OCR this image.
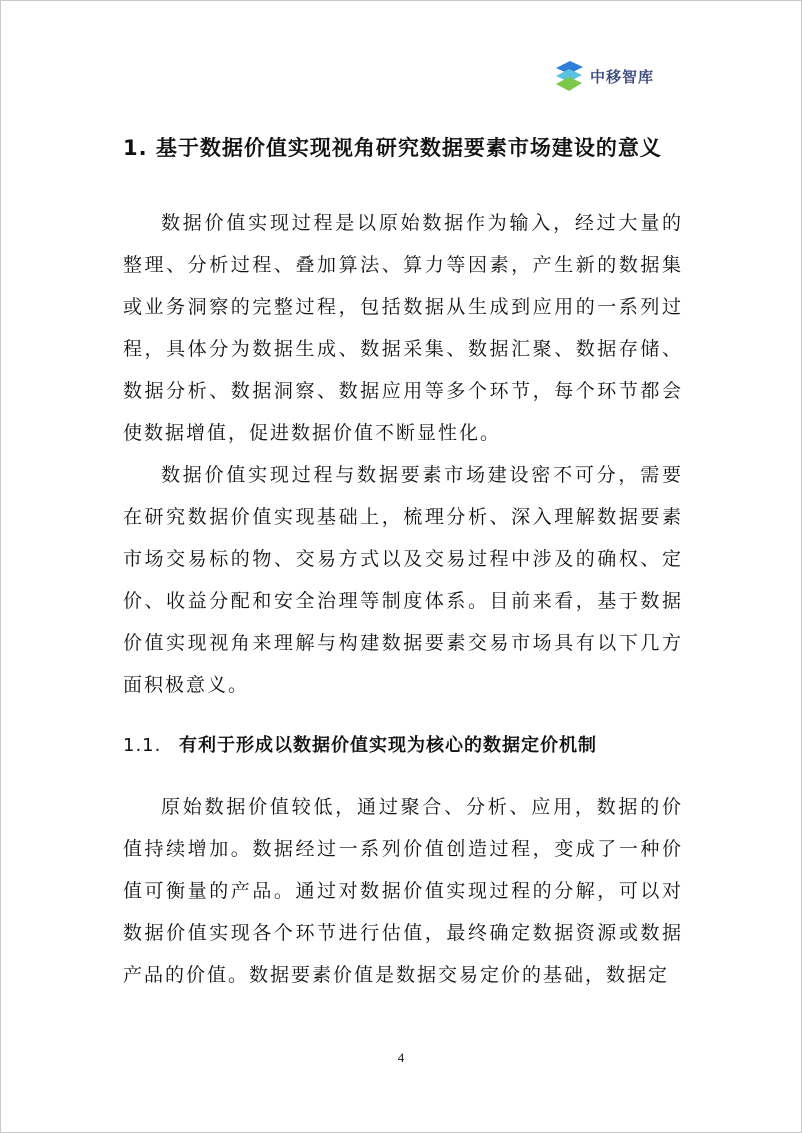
中移智库
1. 基于数据价值实现视角研究数据要素市场建设的意义

数据价值实现过程是以原始数据作为输入，经过大量的整理、分析过程、叠加算法、算力等因素，产生新的数据集或业务洞察的完整过程，包括数据从生成到应用的一系列过程，具体分为数据生成、数据采集、数据汇聚、数据存储、数据分析、数据洞察、数据应用等多个环节，每个环节都会使数据增值，促进数据价值不断显性化。

数据价值实现过程与数据要素市场建设密不可分，需要在研究数据价值实现基础上，梳理分析、深入理解数据要素市场交易标的物、交易方式以及交易过程中涉及的确权、定价、收益分配和安全治理等制度体系。目前来看，基于数据价值实现视角来理解与构建数据要素交易市场具有以下几方面积极意义。

1.1. 有利于形成以数据价值实现为核心的数据定价机制

原始数据价值较低，通过聚合、分析、应用，数据的价值持续增加。数据经过一系列价值创造过程，变成了一种价值可衡量的产品。通过对数据价值实现过程的分解，可以对数据价值实现各个环节进行估值，最终确定数据资源或数据产品的价值。数据要素价值是数据交易定价的基础，数据定

4
